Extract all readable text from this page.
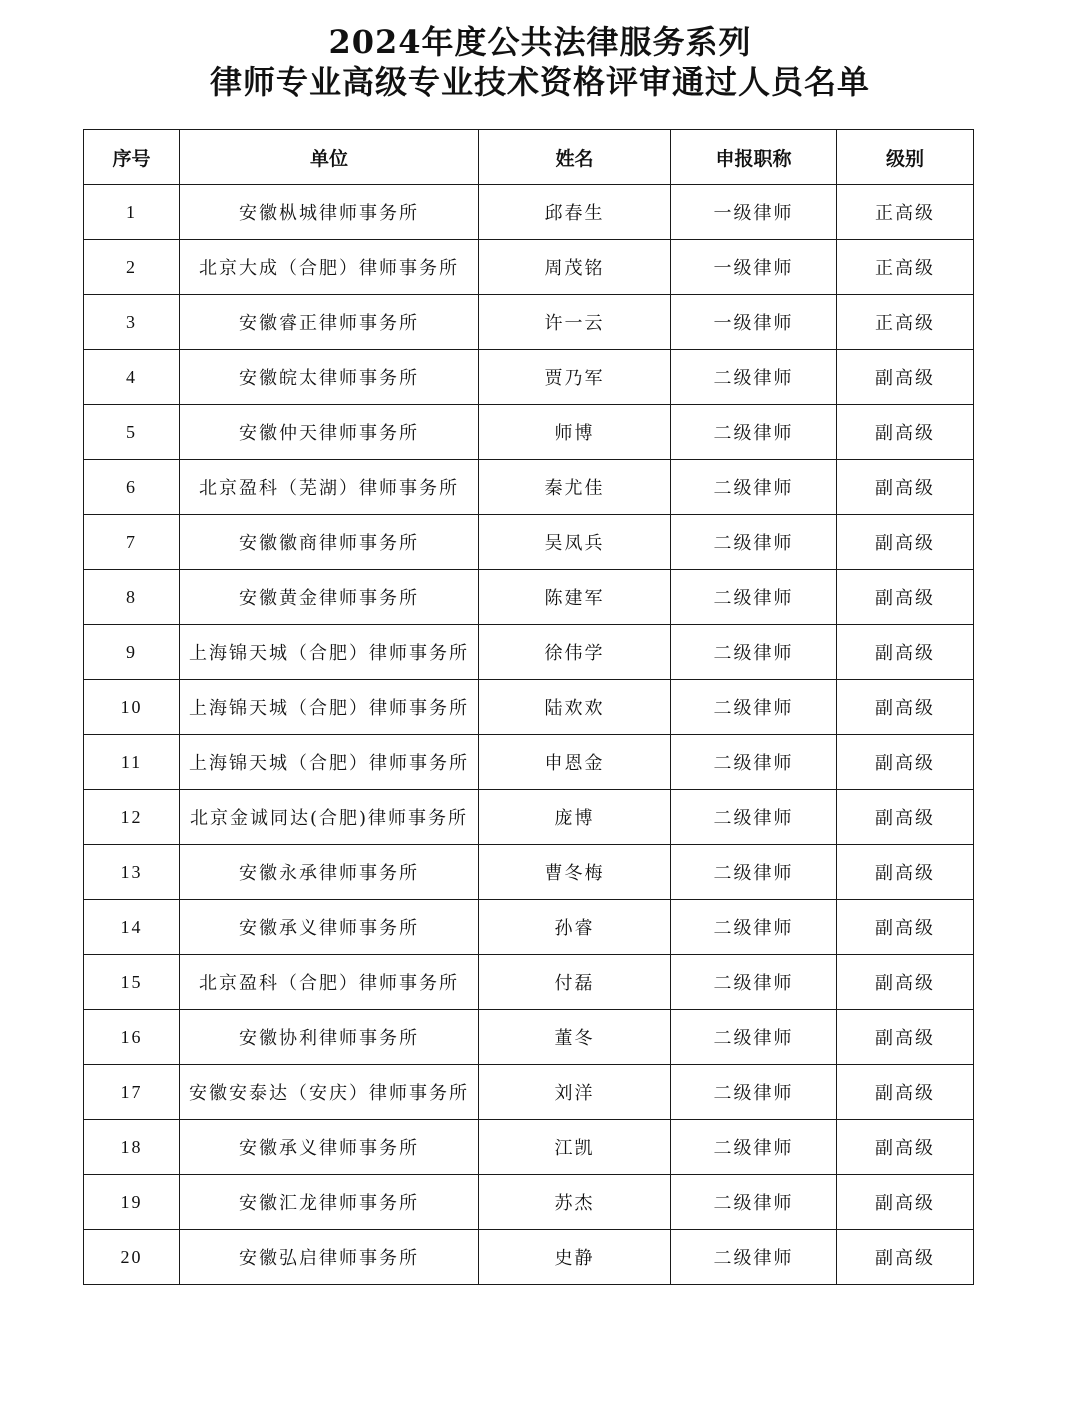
2024年度公共法律服务系列
律师专业高级专业技术资格评审通过人员名单
序号	单位	姓名	申报职称	级别
1	安徽枞城律师事务所	邱春生	一级律师	正高级
2	北京大成（合肥）律师事务所	周茂铭	一级律师	正高级
3	安徽睿正律师事务所	许一云	一级律师	正高级
4	安徽皖太律师事务所	贾乃军	二级律师	副高级
5	安徽仲天律师事务所	师博	二级律师	副高级
6	北京盈科（芜湖）律师事务所	秦尤佳	二级律师	副高级
7	安徽徽商律师事务所	吴凤兵	二级律师	副高级
8	安徽黄金律师事务所	陈建军	二级律师	副高级
9	上海锦天城（合肥）律师事务所	徐伟学	二级律师	副高级
10	上海锦天城（合肥）律师事务所	陆欢欢	二级律师	副高级
11	上海锦天城（合肥）律师事务所	申恩金	二级律师	副高级
12	北京金诚同达(合肥)律师事务所	庞博	二级律师	副高级
13	安徽永承律师事务所	曹冬梅	二级律师	副高级
14	安徽承义律师事务所	孙睿	二级律师	副高级
15	北京盈科（合肥）律师事务所	付磊	二级律师	副高级
16	安徽协利律师事务所	董冬	二级律师	副高级
17	安徽安泰达（安庆）律师事务所	刘洋	二级律师	副高级
18	安徽承义律师事务所	江凯	二级律师	副高级
19	安徽汇龙律师事务所	苏杰	二级律师	副高级
20	安徽弘启律师事务所	史静	二级律师	副高级
